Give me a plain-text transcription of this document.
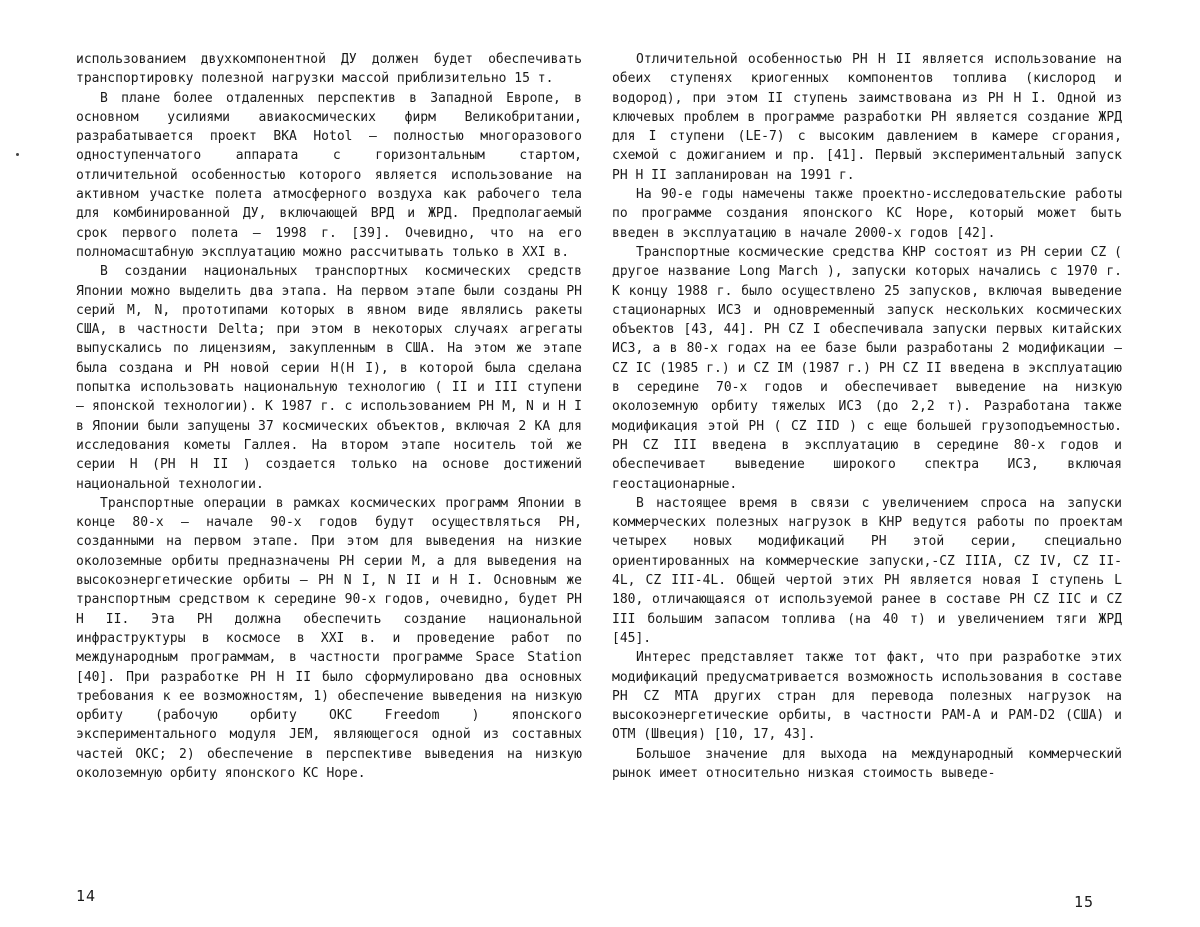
использованием двухкомпонентной ДУ должен будет обеспечивать транспортировку полезной нагрузки массой приблизительно 15 т.

В плане более отдаленных перспектив в Западной Европе, в основном усилиями авиакосмических фирм Великобритании, разрабатывается проект ВКА Hotol – полностью многоразового одноступенчатого аппарата с горизонтальным стартом, отличительной особенностью которого является использование на активном участке полета атмосферного воздуха как рабочего тела для комбинированной ДУ, включающей ВРД и ЖРД. Предполагаемый срок первого полета – 1998 г. [39]. Очевидно, что на его полномасштабную эксплуатацию можно рассчитывать только в XXI в.

В создании национальных транспортных космических средств Японии можно выделить два этапа. На первом этапе были созданы РН серий M, N, прототипами которых в явном виде являлись ракеты США, в частности Delta; при этом в некоторых случаях агрегаты выпускались по лицензиям, закупленным в США. На этом же этапе была создана и РН новой серии H(H I), в которой была сделана попытка использовать национальную технологию ( II и III ступени – японской технологии). К 1987 г. с использованием РН M, N и H I в Японии были запущены 37 космических объектов, включая 2 КА для исследования кометы Галлея. На втором этапе носитель той же серии H (РН H II ) создается только на основе достижений национальной технологии.

Транспортные операции в рамках космических программ Японии в конце 80-х – начале 90-х годов будут осуществляться РН, созданными на первом этапе. При этом для выведения на низкие околоземные орбиты предназначены РН серии M, а для выведения на высокоэнергетические орбиты – РН N I, N II и H I. Основным же транспортным средством к середине 90-х годов, очевидно, будет РН H II. Эта РН должна обеспечить создание национальной инфраструктуры в космосе в XXI в. и проведение работ по международным программам, в частности программе Space Station [40]. При разработке РН H II было сформулировано два основных требования к ее возможностям, 1) обеспечение выведения на низкую орбиту (рабочую орбиту ОКС Freedom ) японского экспериментального модуля JEM, являющегося одной из составных частей ОКС; 2) обеспечение в перспективе выведения на низкую околоземную орбиту японского КС Hope.

Отличительной особенностью РН H II является использование на обеих ступенях криогенных компонентов топлива (кислород и водород), при этом II ступень заимствована из РН H I. Одной из ключевых проблем в программе разработки РН является создание ЖРД для I ступени (LE-7) с высоким давлением в камере сгорания, схемой с дожиганием и пр. [41]. Первый экспериментальный запуск РН H II запланирован на 1991 г.

На 90-е годы намечены также проектно-исследовательские работы по программе создания японского КС Hope, который может быть введен в эксплуатацию в начале 2000-х годов [42].

Транспортные космические средства КНР состоят из РН серии CZ ( другое название Long March ), запуски которых начались с 1970 г. К концу 1988 г. было осуществлено 25 запусков, включая выведение стационарных ИСЗ и одновременный запуск нескольких космических объектов [43, 44]. РН CZ I обеспечивала запуски первых китайских ИСЗ, а в 80-х годах на ее базе были разработаны 2 модификации – CZ IC (1985 г.) и CZ IM (1987 г.) РН CZ II введена в эксплуатацию в середине 70-х годов и обеспечивает выведение на низкую околоземную орбиту тяжелых ИСЗ (до 2,2 т). Разработана также модификация этой РН ( CZ IID ) с еще большей грузоподъемностью. РН CZ III введена в эксплуатацию в середине 80-х годов и обеспечивает выведение широкого спектра ИСЗ, включая геостационарные.

В настоящее время в связи с увеличением спроса на запуски коммерческих полезных нагрузок в КНР ведутся работы по проектам четырех новых модификаций РН этой серии, специально ориентированных на коммерческие запуски,-CZ IIIA, CZ IV, CZ II-4L, CZ III-4L. Общей чертой этих РН является новая I ступень L 180, отличающаяся от используемой ранее в составе РН CZ IIC и CZ III большим запасом топлива (на 40 т) и увеличением тяги ЖРД [45].

Интерес представляет также тот факт, что при разработке этих модификаций предусматривается возможность использования в составе РН CZ MTA других стран для перевода полезных нагрузок на высокоэнергетические орбиты, в частности PAM-A и PAM-D2 (США) и OTM (Швеция) [10, 17, 43].

Большое значение для выхода на международный коммерческий рынок имеет относительно низкая стоимость выведе-

14	15
